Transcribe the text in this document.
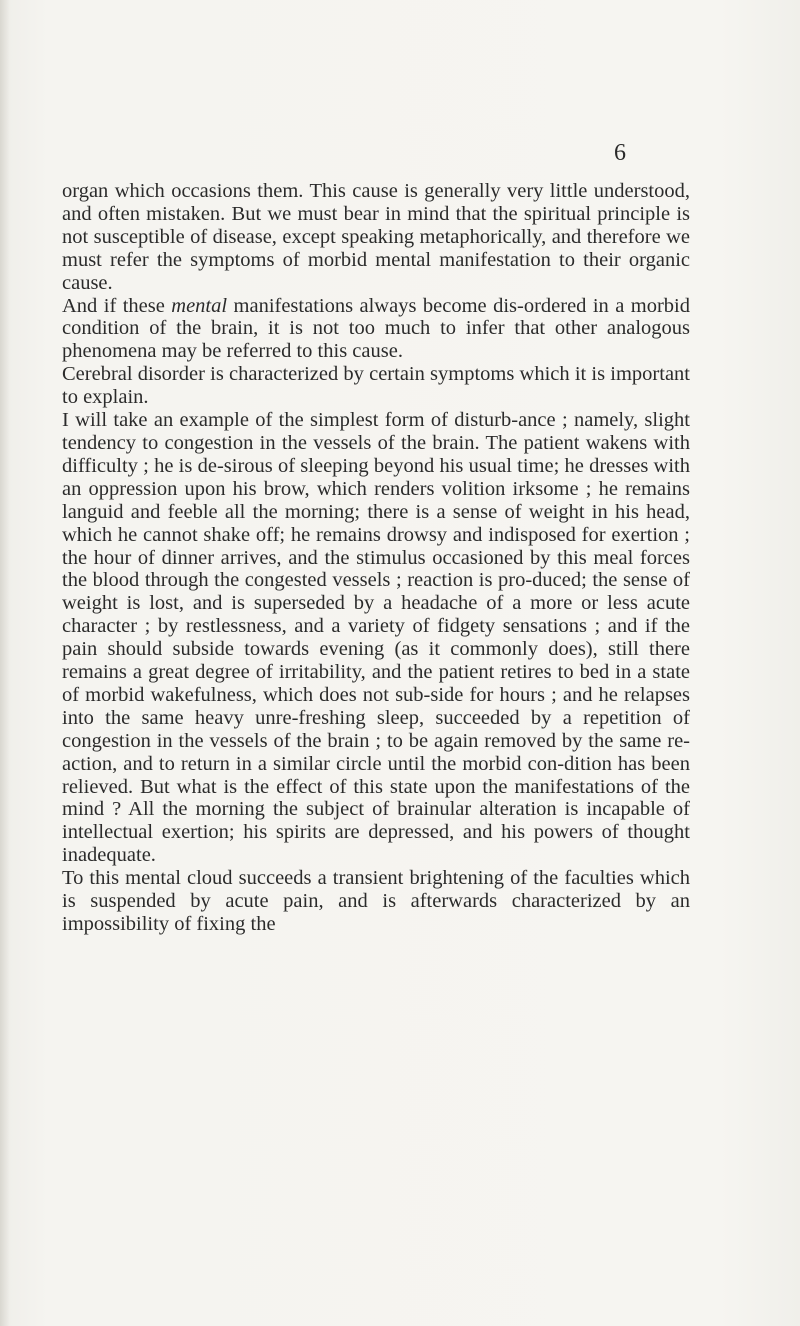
6

organ which occasions them. This cause is generally very little understood, and often mistaken. But we must bear in mind that the spiritual principle is not susceptible of disease, except speaking metaphorically, and therefore we must refer the symptoms of morbid mental manifestation to their organic cause.

And if these mental manifestations always become dis-ordered in a morbid condition of the brain, it is not too much to infer that other analogous phenomena may be referred to this cause.

Cerebral disorder is characterized by certain symptoms which it is important to explain.

I will take an example of the simplest form of disturb-ance ; namely, slight tendency to congestion in the vessels of the brain. The patient wakens with difficulty ; he is de-sirous of sleeping beyond his usual time; he dresses with an oppression upon his brow, which renders volition irksome ; he remains languid and feeble all the morning; there is a sense of weight in his head, which he cannot shake off; he remains drowsy and indisposed for exertion ; the hour of dinner arrives, and the stimulus occasioned by this meal forces the blood through the congested vessels ; reaction is pro-duced; the sense of weight is lost, and is superseded by a headache of a more or less acute character ; by restlessness, and a variety of fidgety sensations ; and if the pain should subside towards evening (as it commonly does), still there remains a great degree of irritability, and the patient retires to bed in a state of morbid wakefulness, which does not sub-side for hours ; and he relapses into the same heavy unre-freshing sleep, succeeded by a repetition of congestion in the vessels of the brain ; to be again removed by the same re-action, and to return in a similar circle until the morbid con-dition has been relieved. But what is the effect of this state upon the manifestations of the mind ? All the morning the subject of brainular alteration is incapable of intellectual exertion; his spirits are depressed, and his powers of thought inadequate.

To this mental cloud succeeds a transient brightening of the faculties which is suspended by acute pain, and is afterwards characterized by an impossibility of fixing the
